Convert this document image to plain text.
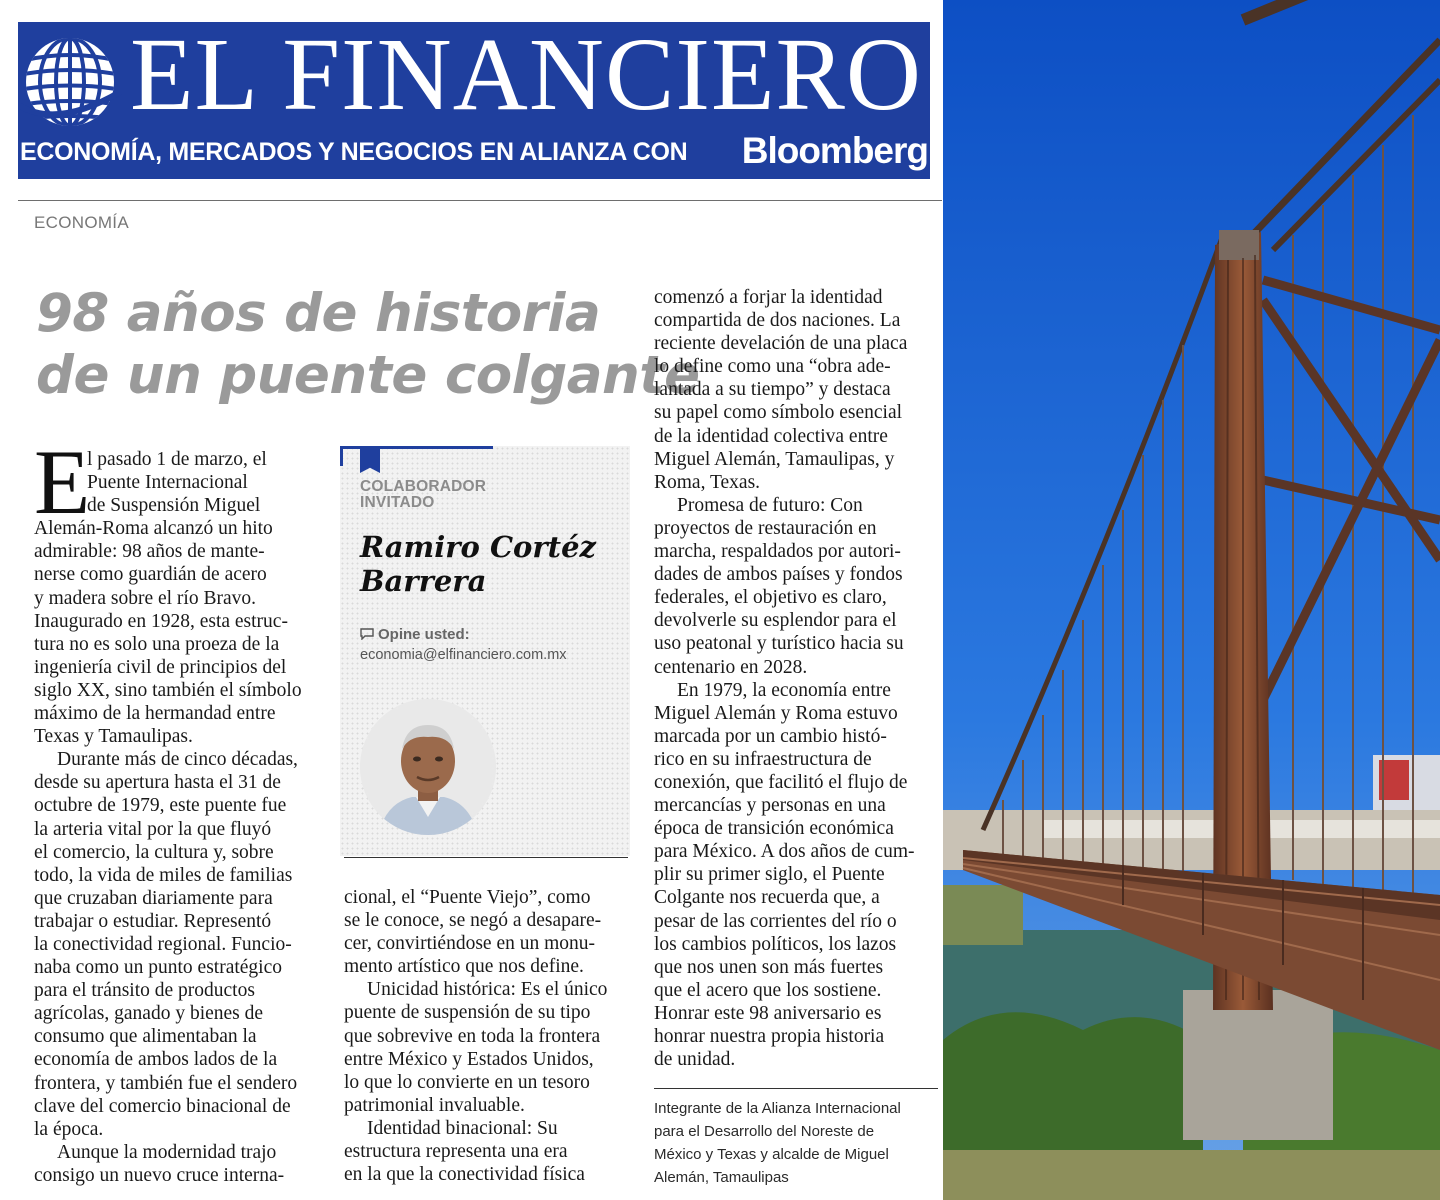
EL FINANCIERO
ECONOMÍA, MERCADOS Y NEGOCIOS EN ALIANZA CON	Bloomberg
ECONOMÍA
98 años de historia
de un puente colgante
E
l pasado 1 de marzo, el
Puente Internacional
de Suspensión Miguel
Alemán-Roma alcanzó un hito
admirable: 98 años de mante-
nerse como guardián de acero
y madera sobre el río Bravo.
Inaugurado en 1928, esta estruc-
tura no es solo una proeza de la
ingeniería civil de principios del
siglo XX, sino también el símbolo
máximo de la hermandad entre
Texas y Tamaulipas.
Durante más de cinco décadas,
desde su apertura hasta el 31 de
octubre de 1979, este puente fue
la arteria vital por la que fluyó
el comercio, la cultura y, sobre
todo, la vida de miles de familias
que cruzaban diariamente para
trabajar o estudiar. Representó
la conectividad regional. Funcio-
naba como un punto estratégico
para el tránsito de productos
agrícolas, ganado y bienes de
consumo que alimentaban la
economía de ambos lados de la
frontera, y también fue el sendero
clave del comercio binacional de
la época.
Aunque la modernidad trajo
consigo un nuevo cruce interna-
COLABORADOR
INVITADO
Ramiro Cortéz
Barrera
Opine usted:
economia@elfinanciero.com.mx
cional, el “Puente Viejo”, como
se le conoce, se negó a desapare-
cer, convirtiéndose en un monu-
mento artístico que nos define.
Unicidad histórica: Es el único
puente de suspensión de su tipo
que sobrevive en toda la frontera
entre México y Estados Unidos,
lo que lo convierte en un tesoro
patrimonial invaluable.
Identidad binacional: Su
estructura representa una era
en la que la conectividad física
comenzó a forjar la identidad
compartida de dos naciones. La
reciente develación de una placa
lo define como una “obra ade-
lantada a su tiempo” y destaca
su papel como símbolo esencial
de la identidad colectiva entre
Miguel Alemán, Tamaulipas, y
Roma, Texas.
Promesa de futuro: Con
proyectos de restauración en
marcha, respaldados por autori-
dades de ambos países y fondos
federales, el objetivo es claro,
devolverle su esplendor para el
uso peatonal y turístico hacia su
centenario en 2028.
En 1979, la economía entre
Miguel Alemán y Roma estuvo
marcada por un cambio histó-
rico en su infraestructura de
conexión, que facilitó el flujo de
mercancías y personas en una
época de transición económica
para México. A dos años de cum-
plir su primer siglo, el Puente
Colgante nos recuerda que, a
pesar de las corrientes del río o
los cambios políticos, los lazos
que nos unen son más fuertes
que el acero que los sostiene.
Honrar este 98 aniversario es
honrar nuestra propia historia
de unidad.
Integrante de la Alianza Internacional
para el Desarrollo del Noreste de
México y Texas y alcalde de Miguel
Alemán, Tamaulipas
